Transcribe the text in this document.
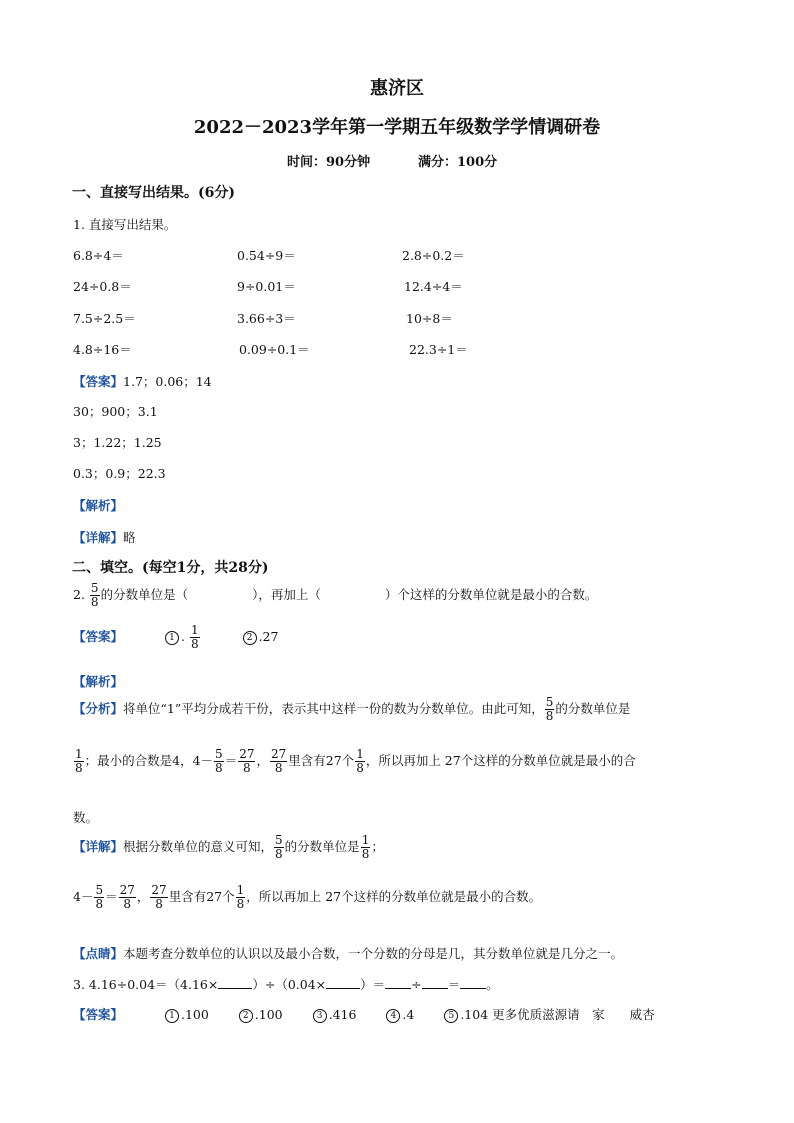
惠济区
2022－2023学年第一学期五年级数学学情调研卷
时间：90分钟	满分：100分
一、直接写出结果。(6分)
1. 直接写出结果。
6.8÷4＝	0.54÷9＝	2.8÷0.2＝
24÷0.8＝	9÷0.01＝	12.4÷4＝
7.5÷2.5＝	3.66÷3＝	10÷8＝
4.8÷16＝	0.09÷0.1＝	22.3÷1＝
【答案】1.7；0.06；14
30；900；3.1
3；1.22；1.25
0.3；0.9；22.3
【解析】
【详解】略
二、填空。(每空1分，共28分)
2. $\frac{5}{8}$ 的分数单位是（	），再加上（	）个这样的分数单位就是最小的合数。
【答案】	1 . $\frac{1}{8}$	2 .27
【解析】
【分析】将单位“1”平均分成若干份，表示其中这样一份的数为分数单位。由此可知， $\frac{5}{8}$ 的分数单位是
$\frac{1}{8}$ ；最小的合数是4，$4- \frac{5}{8} = \frac{27}{8}$ ， $\frac{27}{8}$ 里含有27个 $\frac{1}{8}$ ，所以再加上 27个这样的分数单位就是最小的合
数。
【详解】根据分数单位的意义可知， $\frac{5}{8}$ 的分数单位是 $\frac{1}{8}$ ；
$4- \frac{5}{8} = \frac{27}{8}$ ， $\frac{27}{8}$ 里含有27个 $\frac{1}{8}$ ，所以再加上 27个这样的分数单位就是最小的合数。
【点睛】本题考查分数单位的认识以及最小合数，一个分数的分母是几，其分数单位就是几分之一。
3. 4.16÷0.04＝（4.16×	）÷（0.04×	）＝ ÷ ＝ 。
【答案】	1 .100	2 .100	3 .416	4 .4	5 .104 更多优质滋源请　家　　威杏
